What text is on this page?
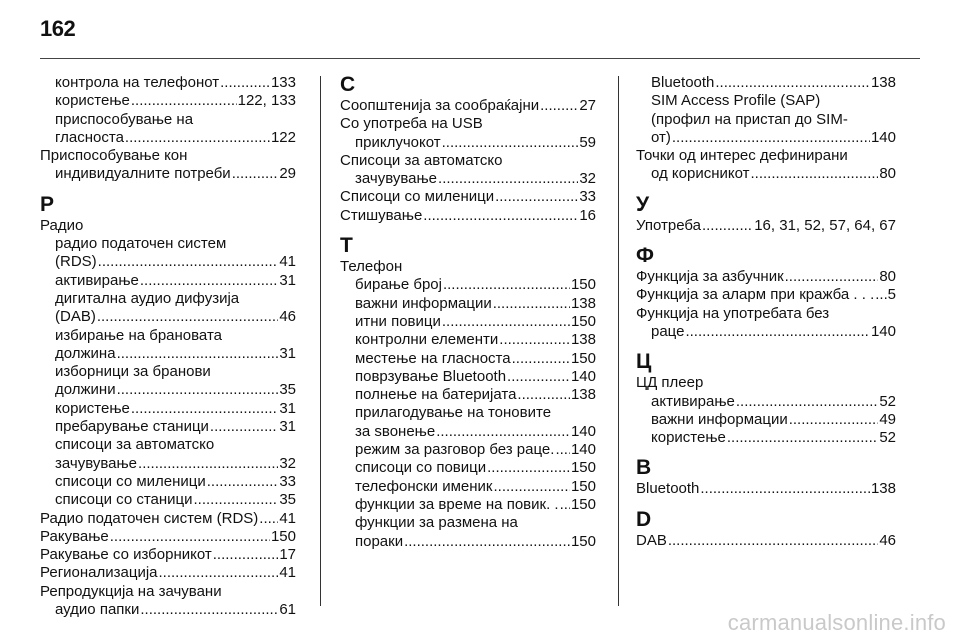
162
контрола на телефонот .....	133
користење .....	122, 133
приспособување на
гласноста .....	122
Приспособување кон
индивидуалните потреби .....	29
Р
Радио
радио податочен систем
(RDS) .....	41
активирање .....	31
дигитална аудио дифузија
(DAB) .....	46
избирање на брановата
должина .....	31
изборници за бранови
должини .....	35
користење .....	31
пребарување станици .....	31
списоци за автоматско
зачувување .....	32
списоци со миленици .....	33
списоци со станици .....	35
Радио податочен систем (RDS) ..... 41
Ракување .....	150
Ракување со изборникот .....	17
Регионализација .....	41
Репродукција на зачувани
аудио папки .....	61
С
Соопштенија за сообраќајни .....	27
Со употреба на USB
приклучокот .....	59
Списоци за автоматско
зачувување .....	32
Списоци со миленици .....	33
Стишување .....	16
Т
Телефон
бирање број .....	150
важни информации .....	138
итни повици .....	150
контролни елементи .....	138
местење на гласноста .....	150
поврзување Bluetooth .....	140
полнење на батеријата .....	138
прилагодување на тоновите
за ѕвонење .....	140
режим за разговор без раце. ..... 140
списоци со повици .....	150
телефонски именик .....	150
функции за време на повик. . ..... 150
функции за размена на
пораки .....	150
Bluetooth .....	138
SIM Access Profile (SAP)
(профил на пристап до SIM-
от) .....	140
Точки од интерес дефинирани
од корисникот .....	80
У
Употреба .....	16, 31, 52, 57, 64, 67
Ф
Функција за азбучник .....	80
Функција за аларм при кражба . . . ..... 5
Функција на употребата без
раце .....	140
Ц
ЦД плеер
активирање .....	52
важни информации .....	49
користење .....	52
B
Bluetooth .....	138
D
DAB .....	46
carmanualsonline.info
